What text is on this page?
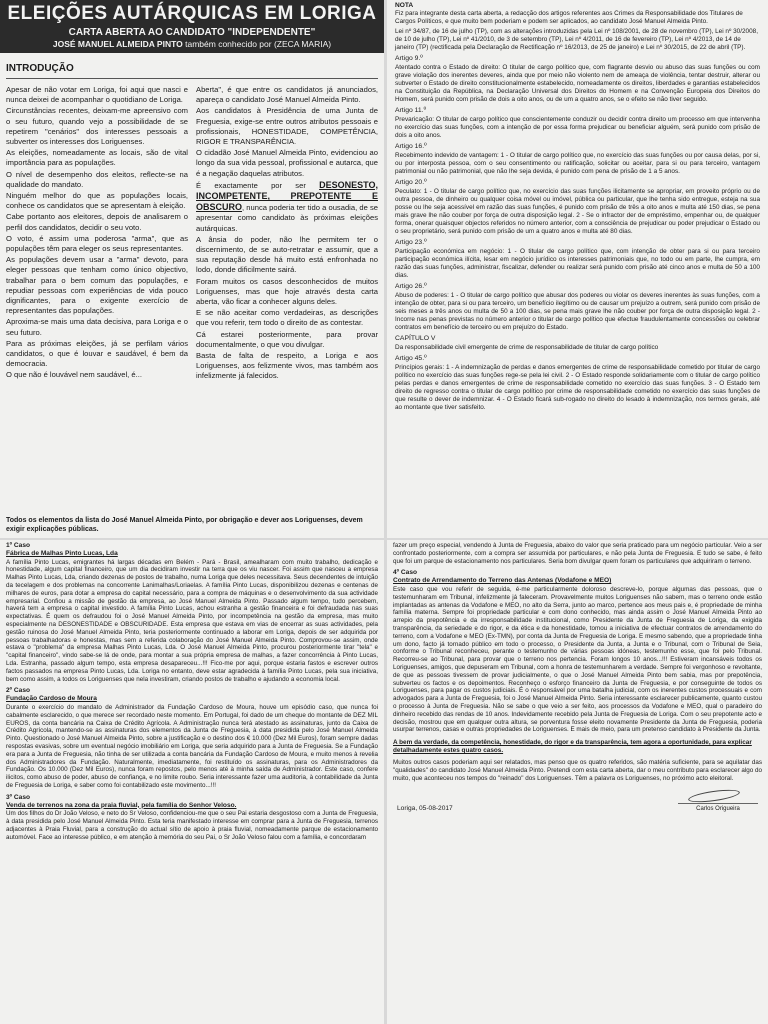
ELEIÇÕES AUTÁRQUICAS EM LORIGA
CARTA ABERTA AO CANDIDATO "INDEPENDENTE"
JOSÉ MANUEL ALMEIDA PINTO também conhecido por (ZECA MARIA)
INTRODUÇÃO

Apesar de não votar em Loriga, foi aqui que nasci e nunca deixei de acompanhar o quotidiano de Loriga.

Circunstâncias recentes, deixam-me apreensivo com o seu futuro, quando vejo a possibilidade de se repetirem "cenários" dos interesses pessoais a subverter os interesses dos Loriguenses.

As eleições, nomeadamente as locais, são de vital importância para as populações.

O nível de desempenho dos eleitos, reflecte-se na qualidade do mandato.

Ninguém melhor do que as populações locais, conhece os candidatos que se apresentam à eleição.

Cabe portanto aos eleitores, depois de analisarem o perfil dos candidatos, decidir o seu voto.

O voto, é assim uma poderosa "arma", que as populações têm para eleger os seus representantes.

As populações devem usar a "arma" devoto, para eleger pessoas que tenham como único objectivo, trabalhar para o bem comum das populações, e repudiar pessoas com experiências de vida pouco dignificantes, para o exigente exercício de representantes das populações.

Aproxima-se mais uma data decisiva, para Loriga e o seu futuro.

Para as próximas eleições, já se perfilam vários candidatos, o que é louvar e saudável, é bem da democracia.

O que não é louvável nem saudável, é...

Aberta", é que entre os candidatos já anunciados, apareça o candidato José Manuel Almeida Pinto.

Aos candidatos à Presidência de uma Junta de Freguesia, exige-se entre outros atributos pessoais e profissionais, HONESTIDADE, COMPETÊNCIA, RIGOR E TRANSPARÊNCIA.

O cidadão José Manuel Almeida Pinto, evidenciou ao longo da sua vida pessoal, profissional e autarca, que é a negação daquelas atributos.

É exactamente por ser DESONESTO, INCOMPETENTE, PREPOTENTE E OBSCURO, nunca poderia ter tido a ousadia, de se apresentar como candidato às próximas eleições autárquicas.

A ânsia do poder, não lhe permitem ter o discernimento, de se auto-retratar e assumir, que a sua reputação desde há muito está enfronhada no lodo, donde dificilmente sairá.

Foram muitos os casos desconhecidos de muitos Loriguenses, mas que hoje através desta carta aberta, vão ficar a conhecer alguns deles.

E se não aceitar como verdadeiras, as descrições que vou referir, tem todo o direito de as contestar.

Cá estarei posteriormente, para provar documentalmente, o que vou divulgar.

Basta de falta de respeito, a Loriga e aos Loriguenses, aos felizmente vivos, mas também aos infelizmente já falecidos.

Todos os elementos da lista do José Manuel Almeida Pinto, por obrigação e dever aos Loriguenses, devem exigir explicações públicas.
NOTA
Fiz para integrante desta carta aberta, a redacção dos artigos referentes aos Crimes da Responsabilidade dos Titulares de Cargos Políticos, e que muito bem poderiam e podem ser aplicados, ao candidato José Manuel Almeida Pinto.
Lei nº 34/87, de 16 de julho (TP), com as alterações introduzidas pela Lei nº 108/2001, de 28 de novembro (TP), Lei nº 30/2008, de 10 de julho (TP), Lei nº 41/2010, de 3 de setembro (TP), Lei nº 4/2011, de 16 de fevereiro (TP), Lei nº 4/2013, de 14 de janeiro (TP) (rectificada pela Declaração de Rectificação nº 16/2013, de 25 de janeiro) e Lei nº 30/2015, de 22 de abril (TP).
Artigo 9.º
Atentado contra o Estado de direito: O titular de cargo político que, com flagrante desvio ou abuso das suas funções ou com grave violação dos inerentes deveres, ainda que por meio não violento nem de ameaça de violência, tentar destruir, alterar ou subverter o Estado de direito constitucionalmente estabelecido, nomeadamente os direitos, liberdades e garantias estabelecidos na Constituição da República, na Declaração Universal dos Direitos do Homem e na Convenção Europeia dos Direitos do Homem, será punido com prisão de dois a oito anos, ou de um a quatro anos, se o efeito se não tiver seguido.
Artigo 11.º
Prevaricação: O titular de cargo político que conscientemente conduzir ou decidir contra direito um processo em que intervenha no exercício das suas funções, com a intenção de por essa forma prejudicar ou beneficiar alguém, será punido com prisão de dois a oito anos.
Artigo 16.º
Recebimento indevido de vantagem: 1 - O titular de cargo político que, no exercício das suas funções ou por causa delas, por si, ou por interposta pessoa, com o seu consentimento ou ratificação, solicitar ou aceitar, para si ou para terceiro, vantagem patrimonial ou não patrimonial, que não lhe seja devida, é punido com pena de prisão de 1 a 5 anos.
Artigo 20.º
Peculato: 1 - O titular de cargo político que, no exercício das suas funções ilicitamente se apropriar, em proveito próprio ou de outra pessoa, de dinheiro ou qualquer coisa móvel ou imóvel, pública ou particular, que lhe tenha sido entregue, esteja na sua posse ou lhe seja acessível em razão das suas funções, é punido com prisão de três a oito anos e multa até 150 dias, se pena mais grave lhe não couber por força de outra disposição legal. 2 - Se o infractor der de empréstimo, empenhar ou, de qualquer forma, onerar quaisquer objectos referidos no número anterior, com a consciência de prejudicar ou poder prejudicar o Estado ou o seu proprietário, será punido com prisão de um a quatro anos e multa até 80 dias.
Artigo 23.º
Participação económica em negócio: 1 - O titular de cargo político que, com intenção de obter para si ou para terceiro participação económica ilícita, lesar em negócio jurídico os interesses patrimoniais que, no todo ou em parte, lhe cumpra, em razão das suas funções, administrar, fiscalizar, defender ou realizar será punido com prisão até cinco anos e multa de 50 a 100 dias.
Artigo 26.º
Abuso de poderes: 1 - O titular de cargo político que abusar dos poderes ou violar os deveres inerentes às suas funções, com a intenção de obter, para si ou para terceiro, um benefício ilegítimo ou de causar um prejuízo a outrem, será punido com prisão de seis meses a três anos ou multa de 50 a 100 dias, se pena mais grave lhe não couber por força de outra disposição legal. 2 - Incorre nas penas previstas no número anterior o titular de cargo político que efectue fraudulentamente concessões ou celebrar contratos em benefício de terceiro ou em prejuízo do Estado.
CAPÍTULO V
Da responsabilidade civil emergente de crime de responsabilidade de titular de cargo político
Artigo 45.º
Princípios gerais: 1 - A indemnização de perdas e danos emergentes de crime de responsabilidade cometido por titular de cargo político no exercício das suas funções rege-se pela lei civil. 2 - O Estado responde solidariamente com o titular de cargo político pelas perdas e danos emergentes de crime de responsabilidade cometido no exercício das suas funções. 3 - O Estado tem direito de regresso contra o titular de cargo político por crime de responsabilidade cometido no exercício das suas funções de que resulte o dever de indemnizar. 4 - O Estado ficará sub-rogado no direito do lesado à indemnização, nos termos gerais, até ao montante que tiver satisfeito.
1º Caso
Fábrica de Malhas Pinto Lucas, Lda
A família Pinto Lucas, emigrantes há largas décadas em Belém - Pará - Brasil, amealharam com muito trabalho, dedicação e honestidade, algum capital financeiro, que um dia decidiram investir na terra que os viu nascer. Foi assim que nasceu a empresa Malhas Pinto Lucas, Lda, criando dezenas de postos de trabalho, numa Loriga que deles necessitava. Seus decendentes de intuição da tecelagem e dos problemas na concorrente Lanimalhas/Loriaelas. A família Pinto Lucas, disponibilizou dezenas e centenas de milhares de euros, para dotar a empresa do capital necessário, para a compra de máquinas e o desenvolvimento da sua actividade empresarial. Confiou a missão de gestão da empresa, ao José Manuel Almeida Pinto. Passado algum tempo, tudo percebem, haverá tem a empresa o capital investido. A família Pinto Lucas, achou estranha a gestão financeira e foi defraudada nas suas expectativas. É quem os defraudou foi o José Manuel Almeida Pinto, por incompetência na gestão da empresa, mas muito especialmente na DESONESTIDADE e OBSCURIDADE. Esta empresa que estava em vias de encerrar as suas actividades, pela gestão ruinosa do José Manuel Almeida Pinto, teria posteriormente continuado a laborar em Loriga, depois de ser adquirida por pessoas trabalhadoras e honestas, mas sem a referida colaboração do José Manuel Almeida Pinto. Comprovou-se assim, onde estava o "problema" da empresa Malhas Pinto Lucas, Lda. O José Manuel Almeida Pinto, procurou posteriormente tirar "tela" e "capital financeiro", vindo sabe-se lá de onde, para montar a sua própria empresa de malhas, a fazer concorrência à Pinto Lucas, Lda. Estranha, passado algum tempo, esta empresa desapareceu...!!! Fico-me por aqui, porque estaria fastos e escrever outros factos passados na empresa Pinto Lucas, Lda. Loriga no entanto, deve estar agradecida à família Pinto Lucas, pela sua iniciativa, bem como assim, a todos os Loriguenses que nela investiram, criando postos de trabalho e ajudando a economia local.
2º Caso
Fundação Cardoso de Moura
Durante o exercício do mandato de Administrador da Fundação Cardoso de Moura, houve um episódio caso, que nunca foi cabalmente esclarecido, o que merece ser recordado neste momento. Em Portugal, foi dado de um cheque do montante de DEZ MIL EUROS, da conta bancária na Caixa de Crédito Agrícola. A Administração nunca terá atestado as assinaturas, junto da Caixa de Crédito Agrícola, mantendo-se as assinaturas dos elementos da Junta de Freguesia, à data presidida pelo José Manuel Almeida Pinto. Questionado o José Manuel Almeida Pinto, sobre a justificação e o destino dos € 10.000 (Dez Mil Euros), foram sempre dadas respostas evasivas, sobre um eventual negócio imobiliário em Loriga, que seria adquirido para a Junta de Freguesia. Se a Fundação era para a Junta de Freguesia, não tinha de ser utilizada a conta bancária da Fundação Cardoso de Moura, e muito menos à revelia dos Administradores da Fundação. Naturalmente, imediatamente, foi restituído os assinaturas, para os Administradores da Fundação. Os 10.000 (Dez Mil Euros), nunca foram repostos, pelo menos até à minha saída de Administrador. Este caso, confere ilicitos, como abuso de poder, abuso de confiança, e no limite roubo. Seria interessante fazer uma auditoria, à contabilidade da Junta de Freguesia de Loriga, e saber como foi contabilizado este movimento...!!!
3º Caso
Venda de terrenos na zona da praia fluvial, pela família do Senhor Veloso.
Um dos filhos do Dr João Veloso, e neto do Sr Veloso, confidenciou-me que o seu Pai estaria desgostoso com a Junta de Freguesia, à data presidida pelo José Manuel Almeida Pinto. Esta teria manifestado interesse em comprar para a Junta de Freguesia, terrenos adjacentes à Praia Fluvial, para a construção do actual sítio de apoio à praia fluvial, nomeadamente parque de estacionamento automóvel. Face ao interesse público, e em atenção à memória do seu Pai, o Sr João Veloso falou com a família, e concordaram
fazer um preço especial, vendendo à Junta de Freguesia, abaixo do valor que seria praticado para um negócio particular. Veio a ser confrontado posteriormente, com a compra ser assumida por particulares, e não pela Junta de Freguesia. E tudo se sabe, é feito que foi um parque de estacionamento nos particulares. Seria bom divulgar quem foram os particulares que adquiriram o terreno.
4º Caso
Contrato de Arrendamento do Terreno das Antenas (Vodafone e MEO)
Este caso que vou referir de seguida, é-me particularmente doloroso descreve-lo, porque algumas das pessoas, que o testemunharam em Tribunal, infelizmente já faleceram. Provavelmente muitos Loriguenses não sabem, mas o terreno onde estão implantadas as antenas da Vodafone e MEO, no alto da Serra, junto ao marco, pertence aos meus pais e, é propriedade de minha família materna. Sempre foi propriedade particular e com dono conhecido, mas ainda assim o José Manuel Almeida Pinto ao arrepio da prepotência e da irresponsabilidade institucional, como Presidente da Junta de Freguesia de Loriga, da exigida transparência, da seriedade e do rigor, e da ética e da honestidade, tomou a iniciativa de efectuar contratos de arrendamento do terreno, com a Vodafone e MEO (Ex-TMN), por conta da Junta de Freguesia de Loriga. E mesmo sabendo, que a propriedade tinha um dono, facto já tornado público em todo o processo, o Presidente da Junta, a Junta e o Tribunal, com o Tribunal de Seia, conforme o Tribunal reconheceu, perante o testemunho de várias pessoas idóneas, testemunho esse, que foi pelo Tribunal. Recorreu-se ao Tribunal, para provar que o terreno nos pertencia. Foram longos 10 anos...!!! Estiveram incansáveis todos os Loriguenses, amigos, que depuseram em Tribunal, com a honra de testemunharem a verdade. Sempre foi vergonhoso e revoltante, de que as pessoas tivessem de provar judicialmente, o que o José Manuel Almeida Pinto bem sabia, mas por prepotência, subverteu os factos e os depoimentos. Reconheço o esforço financeiro da Junta de Freguesia, e por conseguinte de todos os Loriguenses, para pagar os custos judiciais. É o responsável por uma batalha judicial, com os inerentes custos processuais e com advogados para a Junta de Freguesia, foi o José Manuel Almeida Pinto. Seria interessante esclarecer publicamente, quanto custou o processo à Junta de Freguesia. Não se sabe o que veio a ser feito, aos processos da Vodafone e MEO, qual o paradeiro do dinheiro recebido das rendas de 10 anos. Indevidamente recebido pela Junta de Freguesia de Loriga. Com o seu prepotente acto e decisão, mostrou que em qualquer outra altura, se porventura fosse eleito novamente Presidente da Junta de Freguesia, poderia usurpar terrenos, casas e outras propriedades de Loriguenses. E mais de meio, para um pretenso candidato à Presidente da Junta.
A bem da verdade, da competência, honestidade, do rigor e da transparência, tem agora a oportunidade, para explicar detalhadamente estes quatro casos.
Muitos outros casos poderiam aqui ser relatados, mas penso que os quatro referidos, são matéria suficiente, para se aquilatar das "qualidades" do candidato José Manuel Almeida Pinto. Pretendi com esta carta aberta, dar o meu contributo para esclarecer algo do muito, que aconteceu nos tempos do "reinado" dos Loriguenses. Têm a palavra os Loriguenses, no próximo acto eleitoral.
Loriga, 05-08-2017	Carlos Origueira
